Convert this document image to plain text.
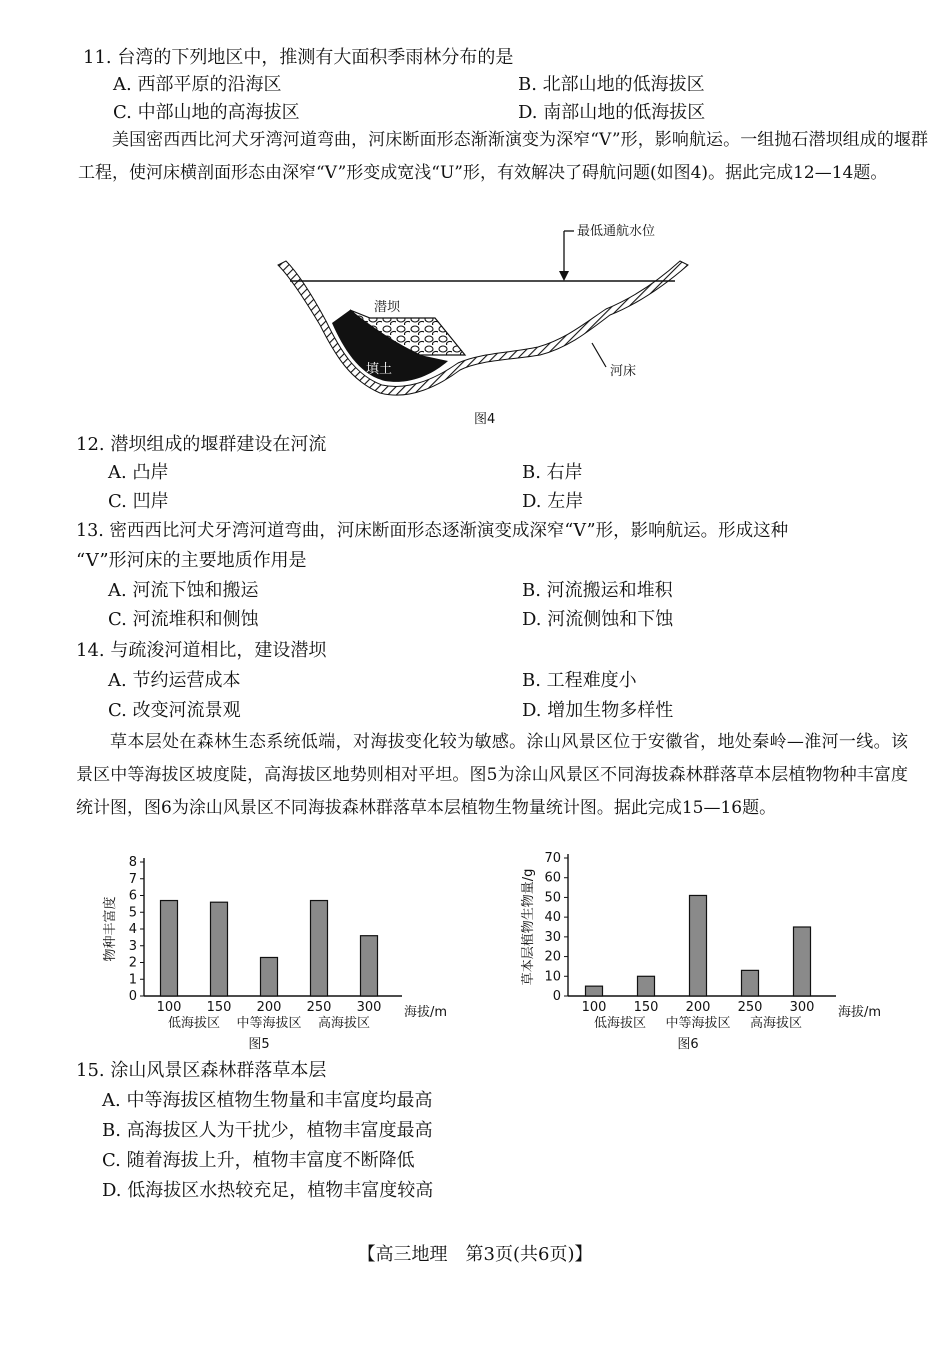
11. 台湾的下列地区中，推测有大面积季雨林分布的是
A. 西部平原的沿海区	B. 北部山地的低海拔区
C. 中部山地的高海拔区	D. 南部山地的低海拔区
美国密西西比河犬牙湾河道弯曲，河床断面形态渐渐演变为深窄“V”形，影响航运。一组抛石潜坝组成的堰群工程，使河床横剖面形态由深窄“V”形变成宽浅“U”形，有效解决了碍航问题(如图4)。据此完成12—14题。
最低通航水位
潜坝
填土	河床
图4
12. 潜坝组成的堰群建设在河流
A. 凸岸	B. 右岸
C. 凹岸	D. 左岸
13. 密西西比河犬牙湾河道弯曲，河床断面形态逐渐演变成深窄“V”形，影响航运。形成这种
“V”形河床的主要地质作用是
A. 河流下蚀和搬运	B. 河流搬运和堆积
C. 河流堆积和侧蚀	D. 河流侧蚀和下蚀
14. 与疏浚河道相比，建设潜坝
A. 节约运营成本	B. 工程难度小
C. 改变河流景观	D. 增加生物多样性
草本层处在森林生态系统低端，对海拔变化较为敏感。涂山风景区位于安徽省，地处秦岭—淮河一线。该景区中等海拔区坡度陡，高海拔区地势则相对平坦。图5为涂山风景区不同海拔森林群落草本层植物物种丰富度统计图，图6为涂山风景区不同海拔森林群落草本层植物生物量统计图。据此完成15—16题。
0
1
2
3
4
5
6
7
8
100 150 200 250 300
低海拔区 中等海拔区 高海拔区
海拔/m
物种丰富度
图5
0
10
20
30
40
50
60
70
100 150 200 250 300
低海拔区 中等海拔区 高海拔区
海拔/m
草本层植物生物量/g
图6
15. 涂山风景区森林群落草本层
A. 中等海拔区植物生物量和丰富度均最高
B. 高海拔区人为干扰少，植物丰富度最高
C. 随着海拔上升，植物丰富度不断降低
D. 低海拔区水热较充足，植物丰富度较高
【高三地理　第3页(共6页)】
